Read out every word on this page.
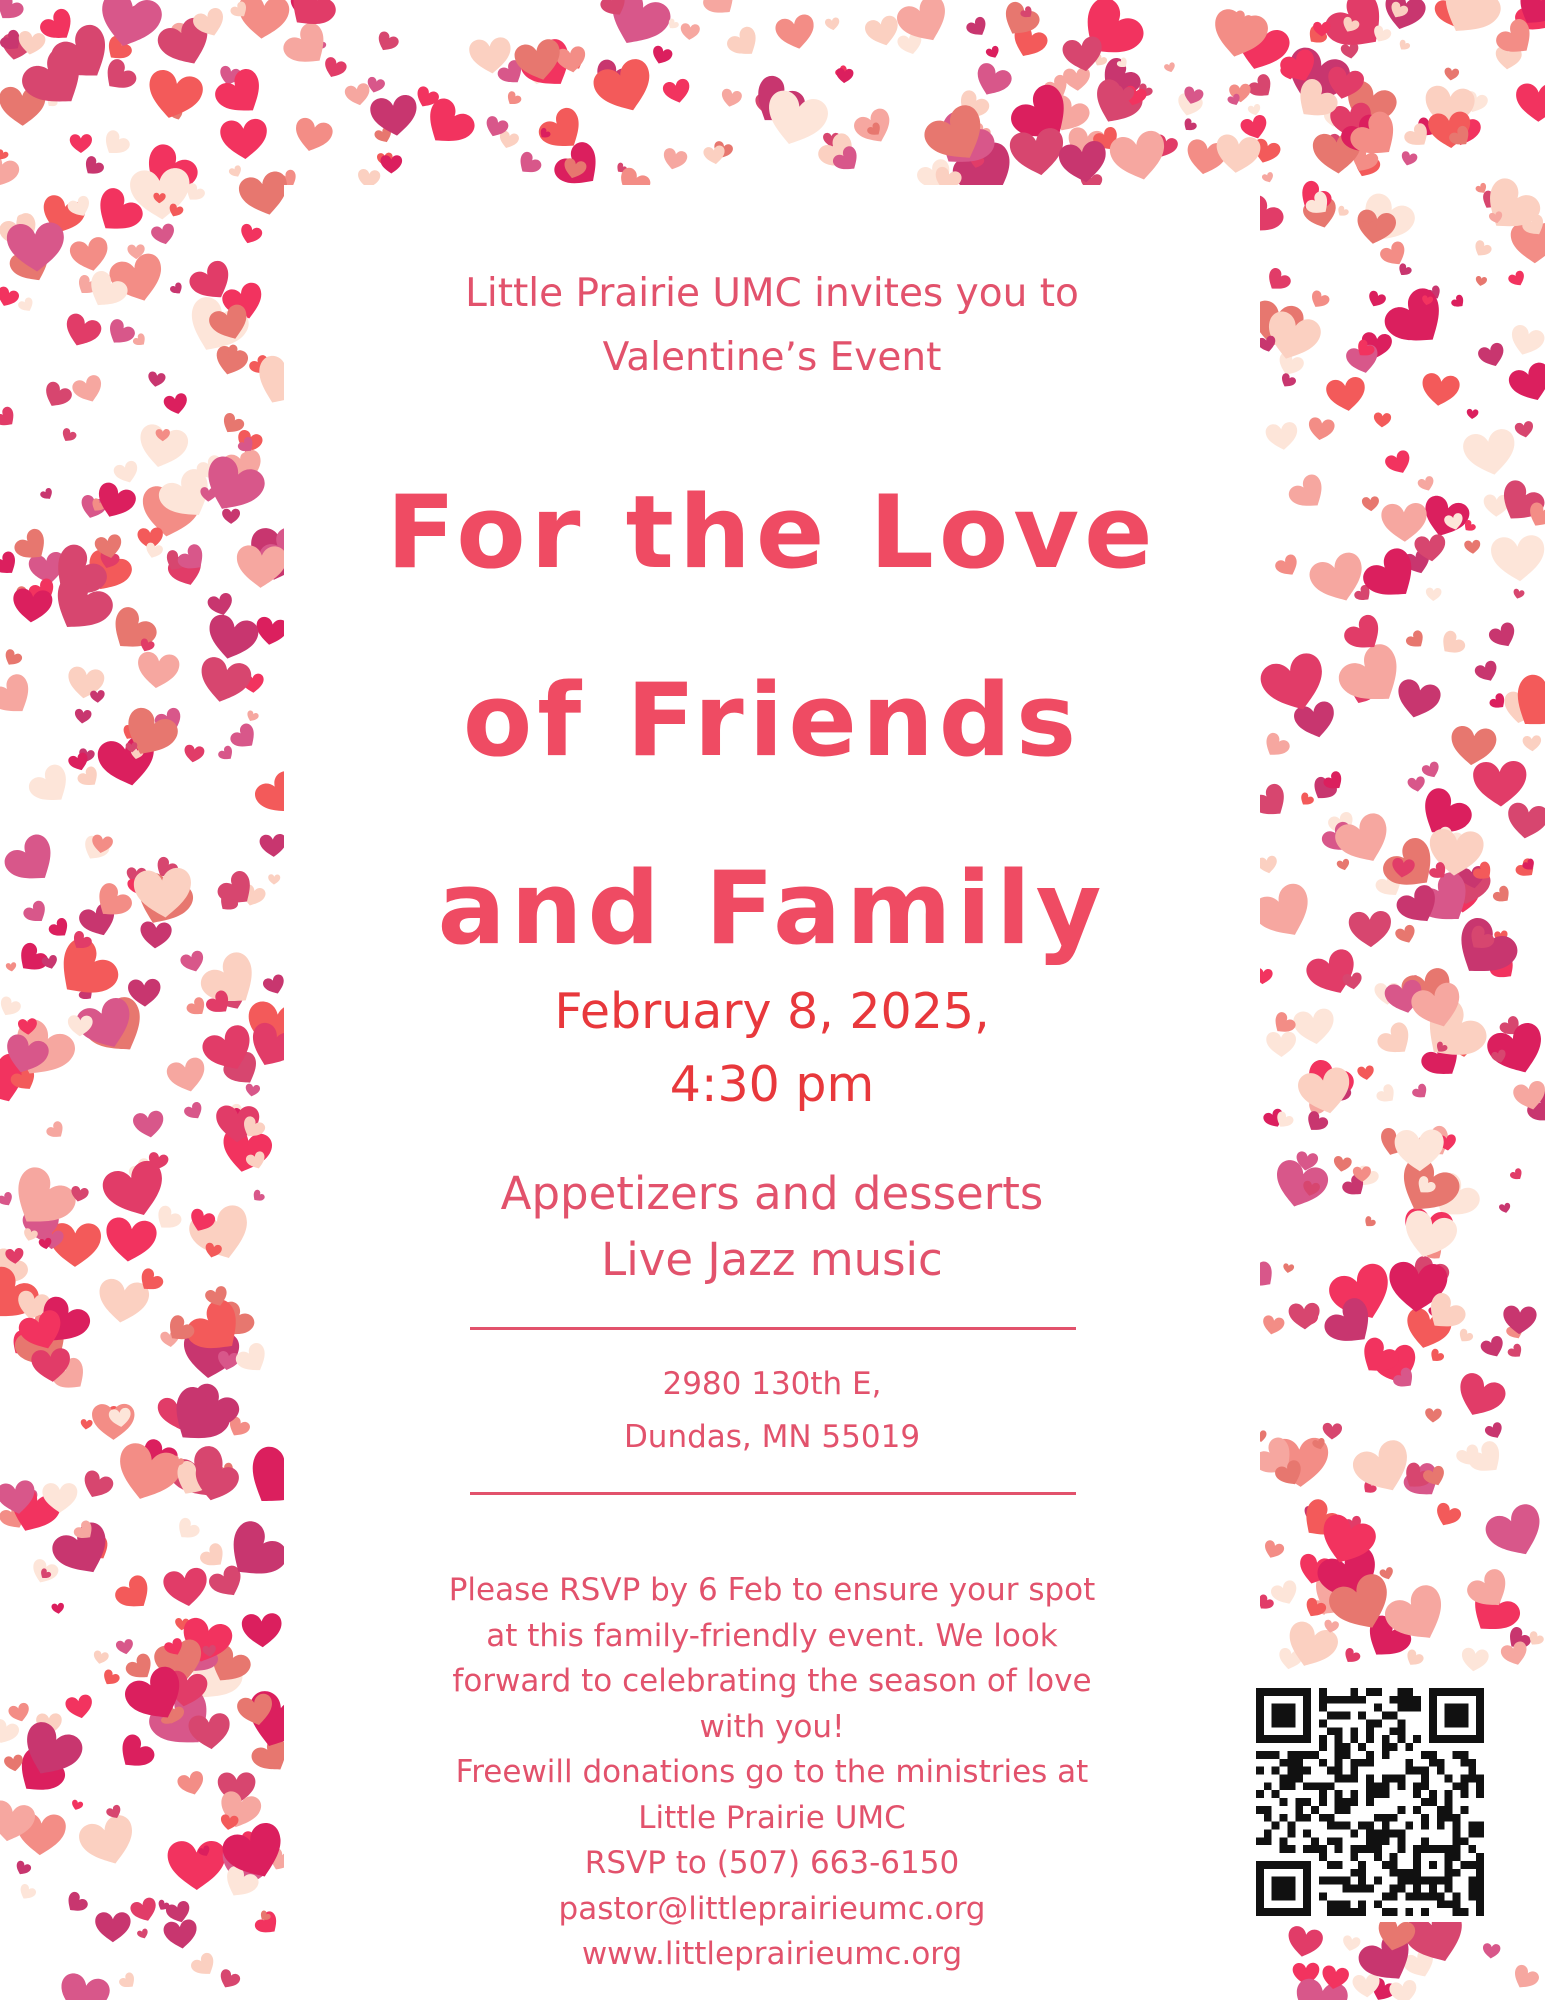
Little Prairie UMC invites you to
Valentine’s Event
For the Love
of Friends
and Family
February 8, 2025,
4:30 pm
Appetizers and desserts
Live Jazz music
2980 130th E,
Dundas, MN 55019
Please RSVP by 6 Feb to ensure your spot
at this family-friendly event. We look
forward to celebrating the season of love
with you!
Freewill donations go to the ministries at
Little Prairie UMC
RSVP to (507) 663-6150
pastor@littleprairieumc.org
www.littleprairieumc.org
